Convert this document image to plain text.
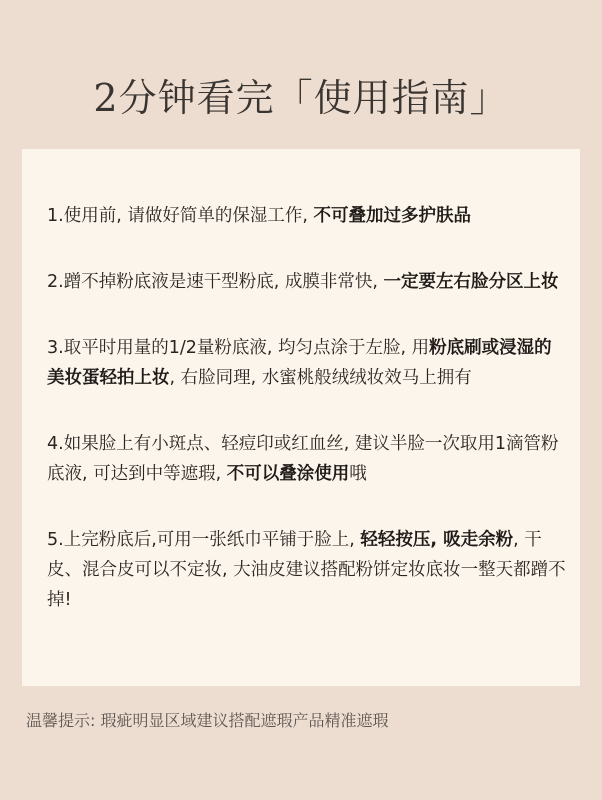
2分钟看完「使用指南」

1.使用前, 请做好简单的保湿工作, 不可叠加过多护肤品

2.蹭不掉粉底液是速干型粉底, 成膜非常快, 一定要左右脸分区上妆

3.取平时用量的1/2量粉底液, 均匀点涂于左脸, 用粉底刷或浸湿的美妆蛋轻拍上妆, 右脸同理, 水蜜桃般绒绒妆效马上拥有

4.如果脸上有小斑点、轻痘印或红血丝, 建议半脸一次取用1滴管粉底液, 可达到中等遮瑕, 不可以叠涂使用哦

5.上完粉底后,可用一张纸巾平铺于脸上, 轻轻按压, 吸走余粉, 干皮、混合皮可以不定妆, 大油皮建议搭配粉饼定妆底妆一整天都蹭不掉!

温馨提示: 瑕疵明显区域建议搭配遮瑕产品精准遮瑕
